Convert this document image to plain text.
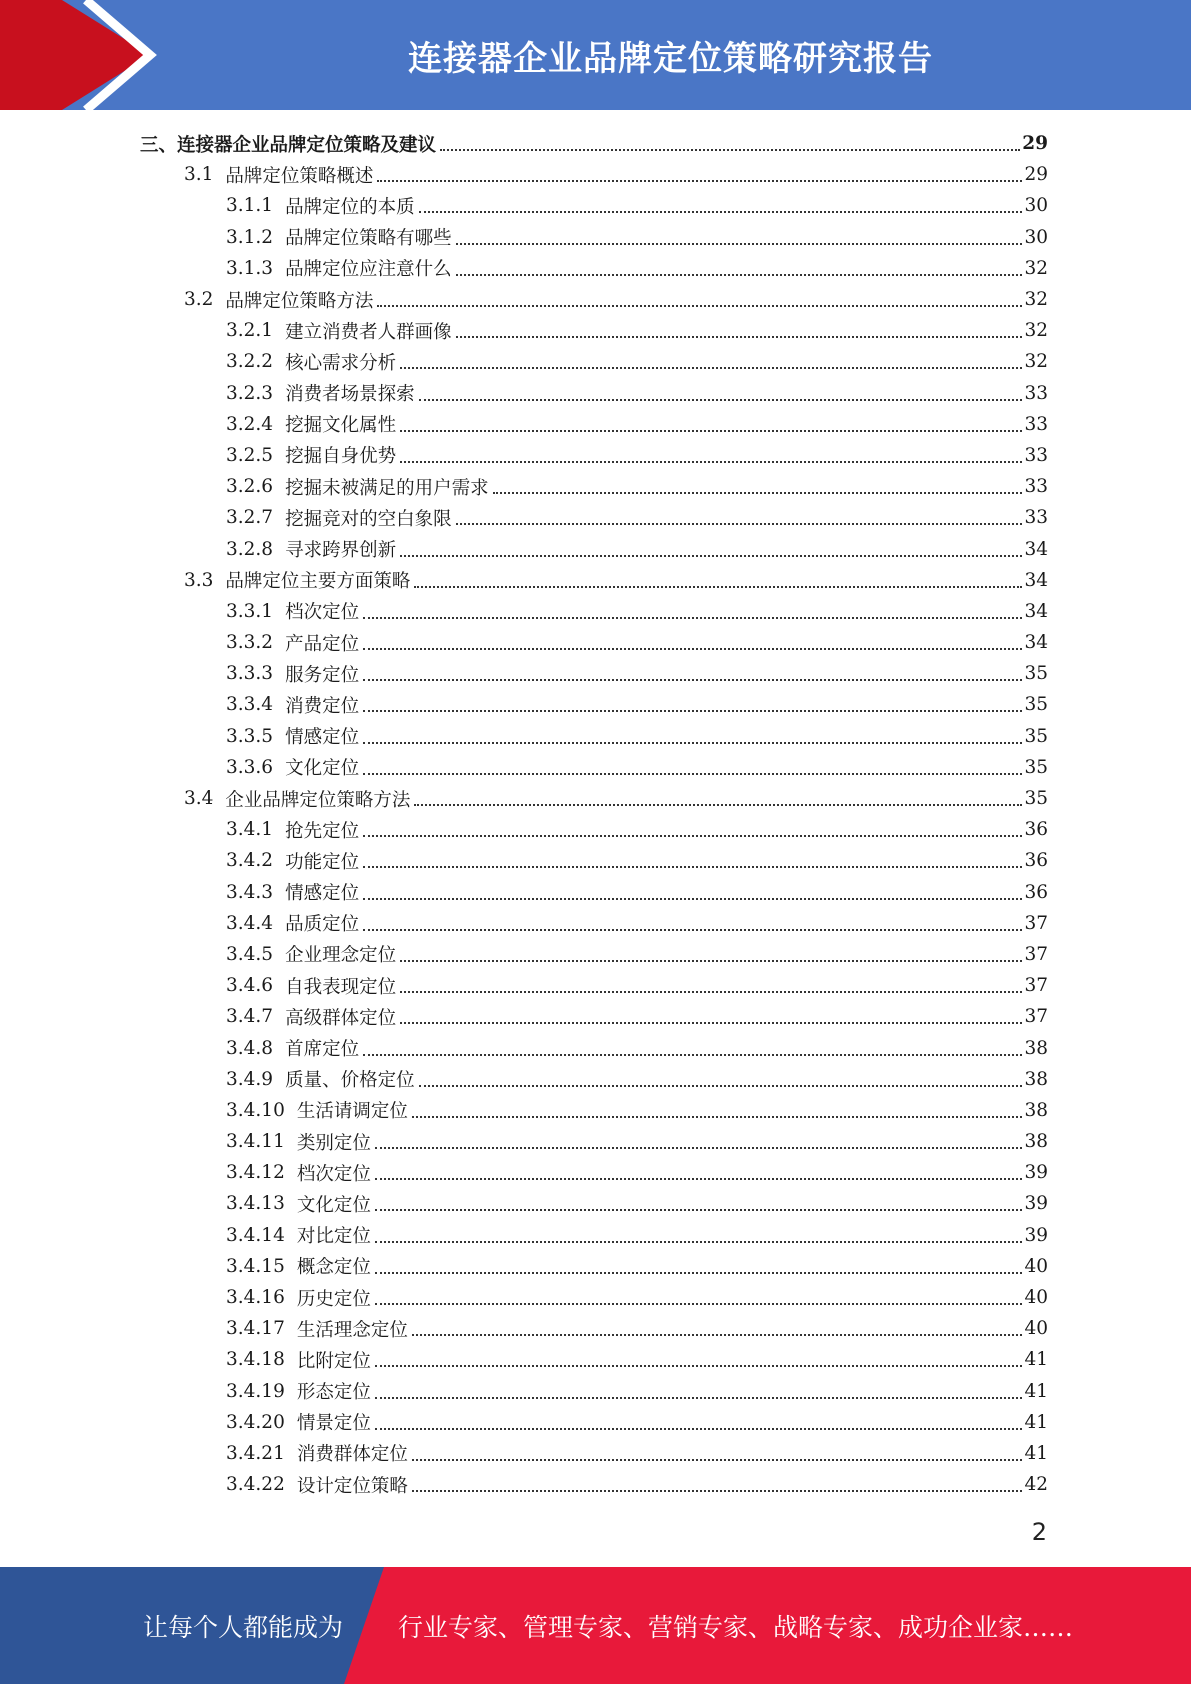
连接器企业品牌定位策略研究报告
三、连接器企业品牌定位策略及建议	29
3.1 品牌定位策略概述	29
3.1.1 品牌定位的本质	30
3.1.2 品牌定位策略有哪些	30
3.1.3 品牌定位应注意什么	32
3.2 品牌定位策略方法	32
3.2.1 建立消费者人群画像	32
3.2.2 核心需求分析	32
3.2.3 消费者场景探索	33
3.2.4 挖掘文化属性	33
3.2.5 挖掘自身优势	33
3.2.6 挖掘未被满足的用户需求	33
3.2.7 挖掘竞对的空白象限	33
3.2.8 寻求跨界创新	34
3.3 品牌定位主要方面策略	34
3.3.1 档次定位	34
3.3.2 产品定位	34
3.3.3 服务定位	35
3.3.4 消费定位	35
3.3.5 情感定位	35
3.3.6 文化定位	35
3.4 企业品牌定位策略方法	35
3.4.1 抢先定位	36
3.4.2 功能定位	36
3.4.3 情感定位	36
3.4.4 品质定位	37
3.4.5 企业理念定位	37
3.4.6 自我表现定位	37
3.4.7 高级群体定位	37
3.4.8 首席定位	38
3.4.9 质量、价格定位	38
3.4.10 生活请调定位	38
3.4.11 类别定位	38
3.4.12 档次定位	39
3.4.13 文化定位	39
3.4.14 对比定位	39
3.4.15 概念定位	40
3.4.16 历史定位	40
3.4.17 生活理念定位	40
3.4.18 比附定位	41
3.4.19 形态定位	41
3.4.20 情景定位	41
3.4.21 消费群体定位	41
3.4.22 设计定位策略	42
2
让每个人都能成为 行业专家、管理专家、营销专家、战略专家、成功企业家……
